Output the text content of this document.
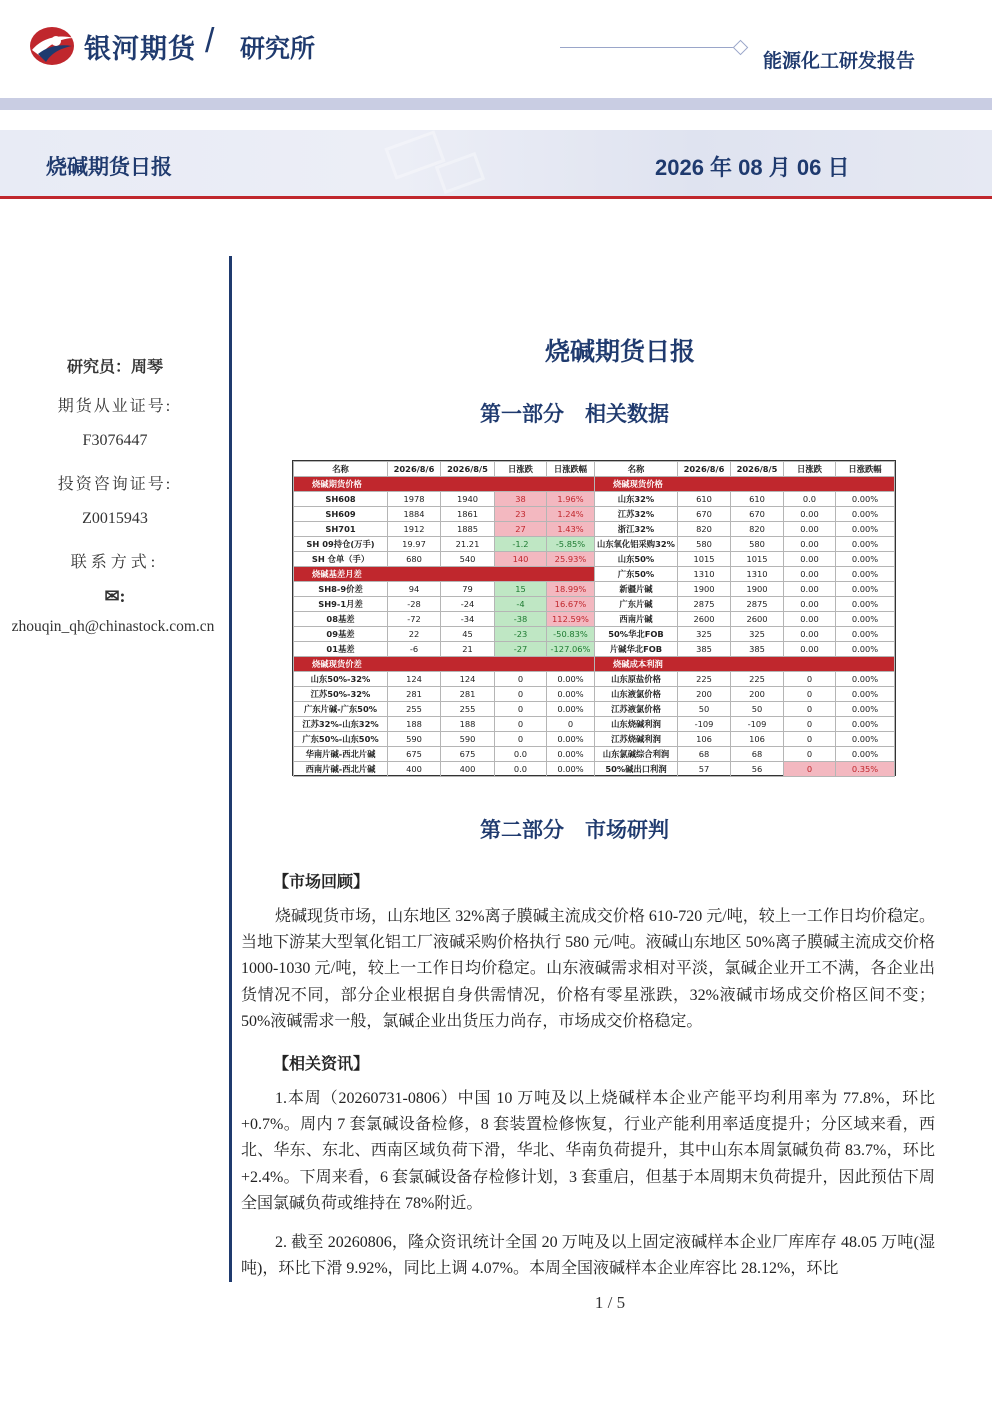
银河期货 / 研究所	能源化工研发报告
烧碱期货日报	2026 年 08 月 06 日
研究员：周琴
期货从业证号:
F3076447
投资咨询证号:
Z0015943
联系方式:
✉:
zhouqin_qh@chinastock.com.cn
烧碱期货日报
第一部分　相关数据
名称	2026/8/6	2026/8/5	日涨跌	日涨跌幅
烧碱期货价格				
SH608	1978	1940	38	1.96%
SH609	1884	1861	23	1.24%
SH701	1912	1885	27	1.43%
SH 09持仓(万手)	19.97	21.21	-1.2	-5.85%
SH 仓单（手）	680	540	140	25.93%
烧碱基差月差				
SH8-9价差	94	79	15	18.99%
SH9-1月差	-28	-24	-4	16.67%
08基差	-72	-34	-38	112.59%
09基差	22	45	-23	-50.83%
01基差	-6	21	-27	-127.06%
烧碱现货价差				
山东50%-32%	124	124	0	0.00%
江苏50%-32%	281	281	0	0.00%
广东片碱-广东50%	255	255	0	0.00%
江苏32%-山东32%	188	188	0	0
广东50%-山东50%	590	590	0	0.00%
华南片碱-西北片碱	675	675	0.0	0.00%
西南片碱-西北片碱	400	400	0.0	0.00%
名称	2026/8/6	2026/8/5	日涨跌	日涨跌幅
烧碱现货价格				
山东32%	610	610	0.0	0.00%
江苏32%	670	670	0.00	0.00%
浙江32%	820	820	0.00	0.00%
山东氧化铝采购32%	580	580	0.00	0.00%
山东50%	1015	1015	0.00	0.00%
广东50%	1310	1310	0.00	0.00%
新疆片碱	1900	1900	0.00	0.00%
广东片碱	2875	2875	0.00	0.00%
西南片碱	2600	2600	0.00	0.00%
50%华北FOB	325	325	0.00	0.00%
片碱华北FOB	385	385	0.00	0.00%
烧碱成本利润				
山东原盐价格	225	225	0	0.00%
山东液氯价格	200	200	0	0.00%
江苏液氯价格	50	50	0	0.00%
山东烧碱利润	-109	-109	0	0.00%
江苏烧碱利润	106	106	0	0.00%
山东氯碱综合利润	68	68	0	0.00%
50%碱出口利润	57	56	0	0.35%
第二部分　市场研判
【市场回顾】
烧碱现货市场，山东地区 32%离子膜碱主流成交价格 610-720 元/吨，较上一工作日均价稳定。当地下游某大型氧化铝工厂液碱采购价格执行 580 元/吨。液碱山东地区 50%离子膜碱主流成交价格 1000-1030 元/吨，较上一工作日均价稳定。山东液碱需求相对平淡，氯碱企业开工不满，各企业出货情况不同，部分企业根据自身供需情况，价格有零星涨跌，32%液碱市场成交价格区间不变；50%液碱需求一般，氯碱企业出货压力尚存，市场成交价格稳定。
【相关资讯】
1.本周（20260731-0806）中国 10 万吨及以上烧碱样本企业产能平均利用率为 77.8%，环比+0.7%。周内 7 套氯碱设备检修，8 套装置检修恢复，行业产能利用率适度提升；分区域来看，西北、华东、东北、西南区域负荷下滑，华北、华南负荷提升，其中山东本周氯碱负荷 83.7%，环比+2.4%。下周来看，6 套氯碱设备存检修计划，3 套重启，但基于本周期末负荷提升，因此预估下周全国氯碱负荷或维持在 78%附近。
2. 截至 20260806，隆众资讯统计全国 20 万吨及以上固定液碱样本企业厂库库存 48.05 万吨(湿吨)，环比下滑 9.92%，同比上调 4.07%。本周全国液碱样本企业库容比 28.12%，环比
1 / 5
